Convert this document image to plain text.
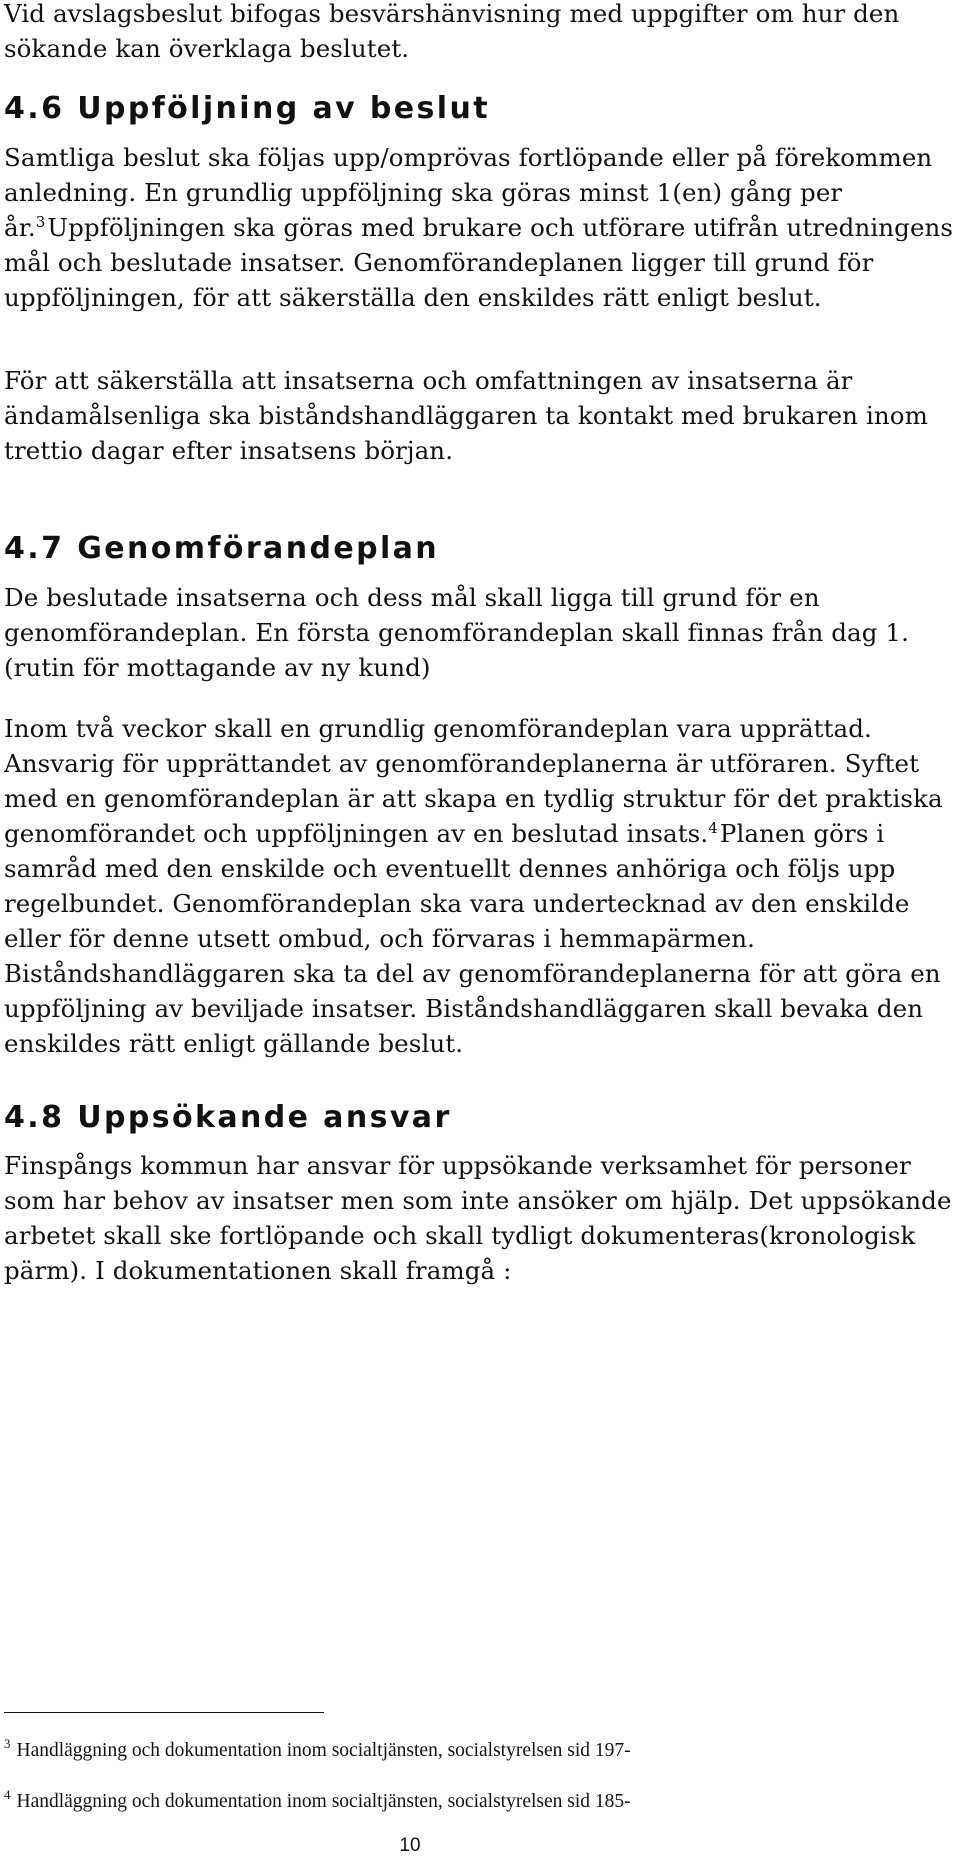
Vid avslagsbeslut bifogas besvärshänvisning med uppgifter om hur den sökande kan överklaga beslutet.

4.6 Uppföljning av beslut

Samtliga beslut ska följas upp/omprövas fortlöpande eller på förekommen anledning. En grundlig uppföljning ska göras minst 1(en) gång per år.$^3$Uppföljningen ska göras med brukare och utförare utifrån utredningens mål och beslutade insatser. Genomförandeplanen ligger till grund för uppföljningen, för att säkerställa den enskildes rätt enligt beslut.

För att säkerställa att insatserna och omfattningen av insatserna är ändamålsenliga ska biståndshandläggaren ta kontakt med brukaren inom trettio dagar efter insatsens början.

4.7 Genomförandeplan

De beslutade insatserna och dess mål skall ligga till grund för en genomförandeplan. En första genomförandeplan skall finnas från dag 1. (rutin för mottagande av ny kund)

Inom två veckor skall en grundlig genomförandeplan vara upprättad. Ansvarig för upprättandet av genomförandeplanerna är utföraren. Syftet med en genomförandeplan är att skapa en tydlig struktur för det praktiska genomförandet och uppföljningen av en beslutad insats.$^4$Planen görs i samråd med den enskilde och eventuellt dennes anhöriga och följs upp regelbundet. Genomförandeplan ska vara undertecknad av den enskilde eller för denne utsett ombud, och förvaras i hemmapärmen. Biståndshandläggaren ska ta del av genomförandeplanerna för att göra en uppföljning av beviljade insatser. Biståndshandläggaren skall bevaka den enskildes rätt enligt gällande beslut.

4.8 Uppsökande ansvar

Finspångs kommun har ansvar för uppsökande verksamhet för personer som har behov av insatser men som inte ansöker om hjälp. Det uppsökande arbetet skall ske fortlöpande och skall tydligt dokumenteras(kronologisk pärm). I dokumentationen skall framgå :

$^3$ Handläggning och dokumentation inom socialtjänsten, socialstyrelsen sid 197-

$^4$ Handläggning och dokumentation inom socialtjänsten, socialstyrelsen sid 185-

10
